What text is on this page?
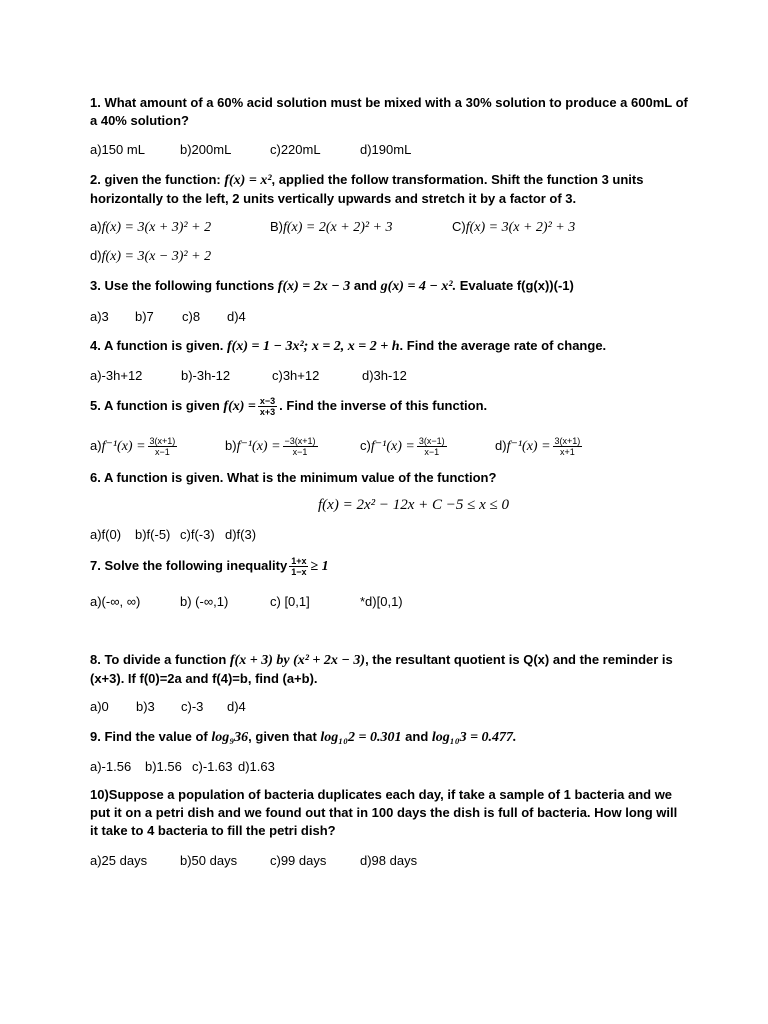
1. What amount of a 60% acid solution must be mixed with a 30% solution to produce a 600mL of a 40% solution?
a)150 mL	b)200mL	c)220mL	d)190mL
2. given the function: f(x) = x², applied the follow transformation. Shift the function 3 units horizontally to the left, 2 units vertically upwards and stretch it by a factor of 3.
a)f(x) = 3(x + 3)² + 2	B)f(x) = 2(x + 2)² + 3	C)f(x) = 3(x + 2)² + 3
d)f(x) = 3(x − 3)² + 2
3. Use the following functions f(x) = 2x − 3 and g(x) = 4 − x². Evaluate f(g(x))(-1)
a)3 b)7 c)8 d)4
4. A function is given. f(x) = 1 − 3x²; x = 2, x = 2 + h. Find the average rate of change.
a)-3h+12	b)-3h-12	c)3h+12	d)3h-12
5. A function is given $f(x) = \frac{x-3}{x+3}$ . Find the inverse of this function.
$a)f^{-1}(x) = \frac{3(x+1)}{x-1}$	$b)f^{-1}(x) = \frac{-3(x+1)}{x-1}$	$c)f^{-1}(x) = \frac{3(x-1)}{x-1}$	$d)f^{-1}(x) = \frac{3(x+1)}{x+1}$
6. A function is given. What is the minimum value of the function?
f(x) = 2x² − 12x + C −5 ≤ x ≤ 0
a)f(0) b)f(-5) c)f(-3) d)f(3)
7. Solve the following inequality $\frac{1+x}{1-x} \ge 1$
a)(-∞, ∞)	b) (-∞,1)	c) [0,1]	*d)[0,1)
8. To divide a function f(x + 3) by (x² + 2x − 3), the resultant quotient is Q(x) and the reminder is (x+3). If f(0)=2a and f(4)=b, find (a+b).
a)0 b)3 c)-3 d)4
9. Find the value of log₉36, given that log₁₀2 = 0.301 and log₁₀3 = 0.477.
a)-1.56 b)1.56 c)-1.63 d)1.63
10)Suppose a population of bacteria duplicates each day, if take a sample of 1 bacteria and we put it on a petri dish and we found out that in 100 days the dish is full of bacteria. How long will it take to 4 bacteria to fill the petri dish?
a)25 days	b)50 days	c)99 days	d)98 days
